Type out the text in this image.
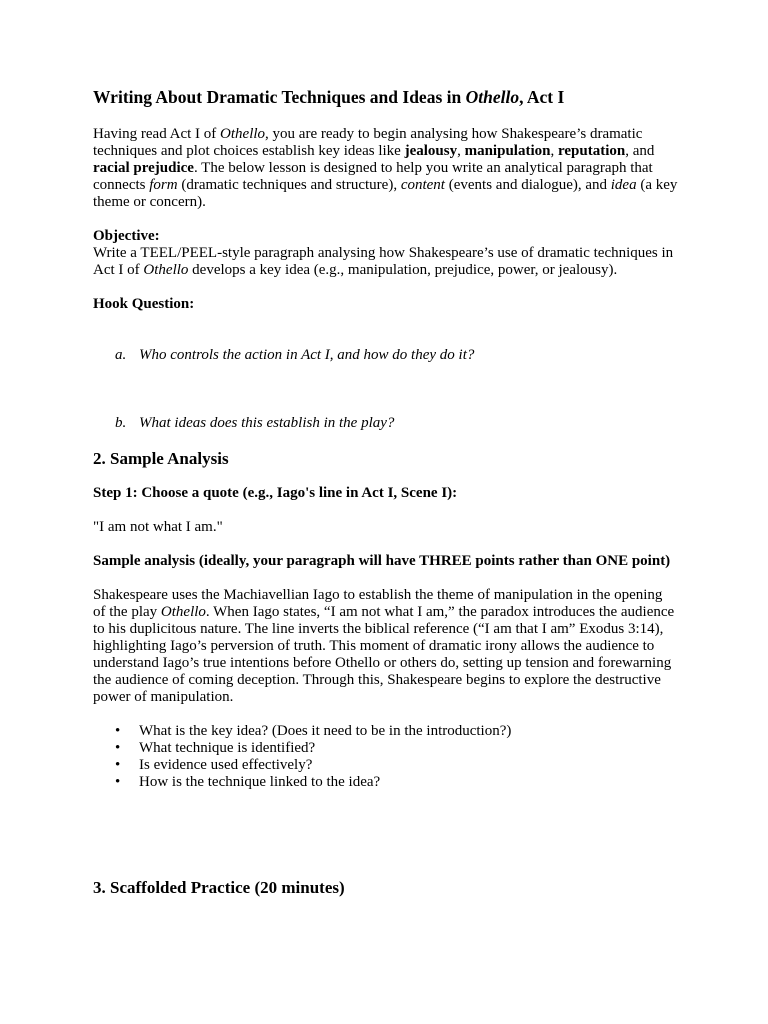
Writing About Dramatic Techniques and Ideas in Othello, Act I

Having read Act I of Othello, you are ready to begin analysing how Shakespeare’s dramatic techniques and plot choices establish key ideas like jealousy, manipulation, reputation, and racial prejudice. The below lesson is designed to help you write an analytical paragraph that connects form (dramatic techniques and structure), content (events and dialogue), and idea (a key theme or concern).

Objective:

Write a TEEL/PEEL-style paragraph analysing how Shakespeare’s use of dramatic techniques in Act I of Othello develops a key idea (e.g., manipulation, prejudice, power, or jealousy).

Hook Question:

a. Who controls the action in Act I, and how do they do it?

b. What ideas does this establish in the play?

2. Sample Analysis

Step 1: Choose a quote (e.g., Iago's line in Act I, Scene I):

"I am not what I am."

Sample analysis (ideally, your paragraph will have THREE points rather than ONE point)

Shakespeare uses the Machiavellian Iago to establish the theme of manipulation in the opening of the play Othello. When Iago states, “I am not what I am,” the paradox introduces the audience to his duplicitous nature. The line inverts the biblical reference (“I am that I am” Exodus 3:14), highlighting Iago’s perversion of truth. This moment of dramatic irony allows the audience to understand Iago’s true intentions before Othello or others do, setting up tension and forewarning the audience of coming deception. Through this, Shakespeare begins to explore the destructive power of manipulation.

• What is the key idea? (Does it need to be in the introduction?)
• What technique is identified?
• Is evidence used effectively?
• How is the technique linked to the idea?
3. Scaffolded Practice (20 minutes)
